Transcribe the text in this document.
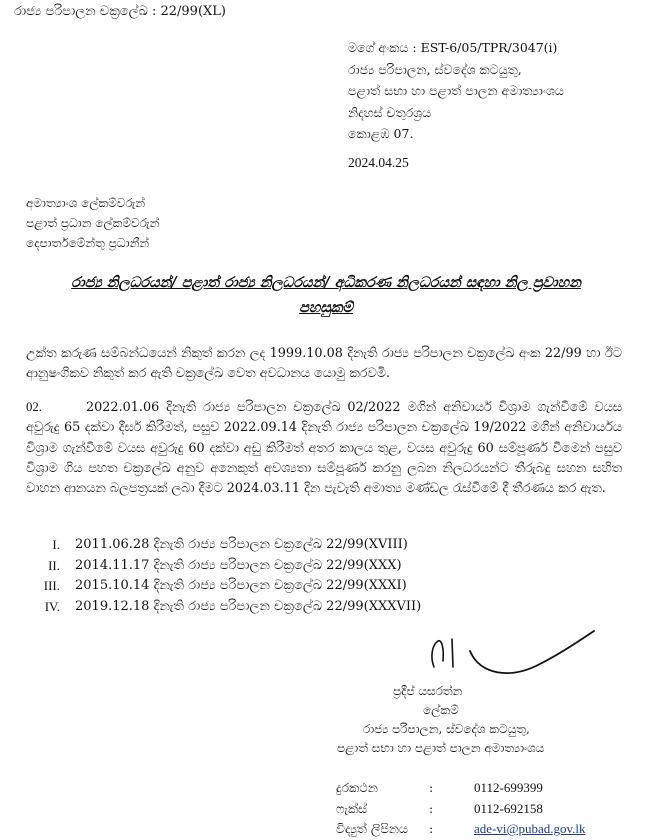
රාජ්‍ය පරිපාලන චක්‍රලේඛ : 22/99(XL)
මගේ අංකය : EST-6/05/TPR/3047(i)
රාජ්‍ය පරිපාලන, ස්වදේශ කටයුතු,
පළාත් සභා හා පළාත් පාලන අමාත්‍යාංශය
නිදහස් චතුරශ්‍රය
කොළඹ 07.
2024.04.25
අමාත්‍යාංශ ලේකම්වරුන්
පළාත් ප්‍රධාන ලේකම්වරුන්
දෙපාර්තමේන්තු ප්‍රධානීන්
රාජ්‍ය නිලධරයන්/ පළාත් රාජ්‍ය නිලධරයන්/ අධිකරණ නිලධරයන් සඳහා නිල ප්‍රවාහන
පහසුකම්
උක්ත කරුණ සම්බන්ධයෙන් නිකුත් කරන ලද 1999.10.08 දිනැති රාජ්‍ය පරිපාලන චක්‍රලේඛ අංක 22/99 හා ඊට ආනුෂංගිකව නිකුත් කර ඇති චක්‍රලේඛ වෙත අවධානය යොමු කරවමි.
02.	2022.01.06 දිනැති රාජ්‍ය පරිපාලන චක්‍රලේඛ 02/2022 මගින් අනිවාර්ය විශ්‍රාම ගැන්වීමේ වයස අවුරුදු 65 දක්වා දීර්ඝ කිරීමත්, පසුව 2022.09.14 දිනැති රාජ්‍ය පරිපාලන චක්‍රලේඛ 19/2022 මගින් අනිවාර්යය විශ්‍රාම ගැන්වීමේ වයස අවුරුදු 60 දක්වා අඩු කිරීමත් අතර කාලය තුළ, වයස අවුරුදු 60 සම්පූර්ණ වීමෙන් පසුව විශ්‍රාම ගිය පහත චක්‍රලේඛ අනුව අනෙකුත් අවශ්‍යතා සම්පූර්ණ කරනු ලබන නිලධරයන්ට තීරුබදු සහන සහිත වාහන ආනයන බලපත්‍රයක් ලබා දීමට 2024.03.11 දින පැවැති අමාත්‍ය මණ්ඩල රැස්වීමේ දී තීරණය කර ඇත.
I. 2011.06.28 දිනැති රාජ්‍ය පරිපාලන චක්‍රලේඛ 22/99(XVIII)
II. 2014.11.17 දිනැති රාජ්‍ය පරිපාලන චක්‍රලේඛ 22/99(XXX)
III. 2015.10.14 දිනැති රාජ්‍ය පරිපාලන චක්‍රලේඛ 22/99(XXXI)
IV. 2019.12.18 දිනැති රාජ්‍ය පරිපාලන චක්‍රලේඛ 22/99(XXXVII)
ප්‍රදීප් යසරත්න
ලේකම්
රාජ්‍ය පරිපාලන, ස්වදේශ කටයුතු,
පළාත් සභා හා පළාත් පාලන අමාත්‍යාංශය
දුරකථන	:	0112-699399
ෆැක්ස්	:	0112-692158
විද්‍යුත් ලිපිනය :	ade-vi@pubad.gov.lk
